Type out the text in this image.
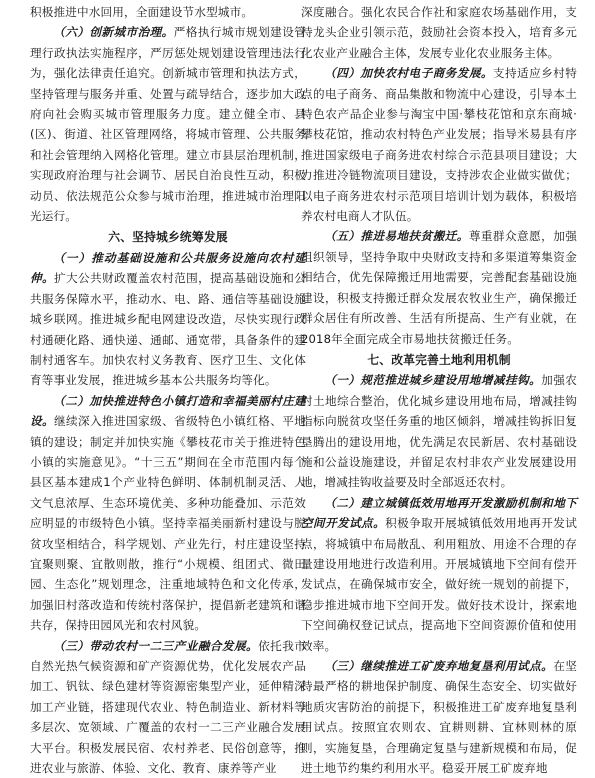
积极推进中水回用，全面建设节水型城市。

（六）创新城市治理。严格执行城市规划建设管理行政执法实施程序，严厉惩处规划建设管理违法行为，强化法律责任追究。创新城市管理和执法方式，坚持管理与服务并重、处置与疏导结合，逐步加大政府向社会购买城市管理服务力度。建立健全市、县(区)、街道、社区管理网络，将城市管理、公共服务和社会管理纳入网格化管理。建立市县层治理机制，实现政府治理与社会调节、居民自治良性互动，积极动员、依法规范公众参与城市治理，推进城市治理阳光运行。

六、坚持城乡统筹发展

（一）推动基础设施和公共服务设施向农村延伸。扩大公共财政覆盖农村范围，提高基础设施和公共服务保障水平，推动水、电、路、通信等基础设施城乡联网。推进城乡配电网建设改造，尽快实现行政村通硬化路、通快递、通邮、通宽带，具备条件的建制村通客车。加快农村义务教育、医疗卫生、文化体育等事业发展，推进城乡基本公共服务均等化。

（二）加快推进特色小镇打造和幸福美丽村庄建设。继续深入推进国家级、省级特色小镇红格、平地镇的建设；制定并加快实施《攀枝花市关于推进特色小镇的实施意见》。“十三五”期间在全市范围内每个县区基本建成1个产业特色鲜明、体制机制灵活、人文气息浓厚、生态环境优美、多种功能叠加、示范效应明显的市级特色小镇。坚持幸福美丽新村建设与脱贫攻坚相结合，科学规划、产业先行，村庄建设坚持宜聚则聚、宜散则散，推行“小规模、组团式、微田园、生态化”规划理念，注重地域特色和文化传承，加强旧村落改造和传统村落保护，提倡新老建筑和谐共存，保持田园风光和农村风貌。

（三）带动农村一二三产业融合发展。依托我市自然光热气候资源和矿产资源优势，优化发展农产品加工、钒钛、绿色建材等资源密集型产业，延伸精深加工产业链，搭建现代农业、特色制造业、新材料等多层次、宽领域、广覆盖的农村一二三产业融合发展大平台。积极发展民宿、农村养老、民俗创意等，推进农业与旅游、体验、文化、教育、康养等产业

深度融合。强化农民合作社和家庭农场基础作用，支持龙头企业引领示范，鼓励社会资本投入，培育多元化农业产业融合主体，发展专业化农业服务主体。

（四）加快农村电子商务发展。支持适应乡村特点的电子商务、商品集散和物流中心建设，引导本土特色农产品企业参与淘宝中国·攀枝花馆和京东商城·攀枝花馆，推动农村特色产业发展；指导米易县有序推进国家级电子商务进农村综合示范县项目建设；大力推进冷链物流项目建设，支持涉农企业做实做优；以电子商务进农村示范项目培训计划为载体，积极培养农村电商人才队伍。

（五）推进易地扶贫搬迁。尊重群众意愿，加强组织领导，坚持争取中央财政支持和多渠道筹集资金相结合，优先保障搬迁用地需要，完善配套基础设施建设，积极支持搬迁群众发展农牧业生产，确保搬迁群众居住有所改善、生活有所提高、生产有业就，在2018年全面完成全市易地扶贫搬迁任务。

七、改革完善土地利用机制

（一）规范推进城乡建设用地增减挂钩。加强农村土地综合整治，优化城乡建设用地布局，增减挂钩指标向脱贫攻坚任务重的地区倾斜，增减挂钩拆旧复垦腾出的建设用地，优先满足农民新居、农村基础设施和公益设施建设，并留足农村非农产业发展建设用地，增减挂钩收益要及时全部返还农村。

（二）建立城镇低效用地再开发激励机制和地下空间开发试点。积极争取开展城镇低效用地再开发试点，将城镇中布局散乱、利用粗放、用途不合理的存量建设用地进行改造利用。开展城镇地下空间有偿开发试点，在确保城市安全，做好统一规划的前提下，稳步推进城市地下空间开发。做好技术设计，探索地下空间确权登记试点，提高地下空间资源价值和使用效率。

（三）继续推进工矿废弃地复垦利用试点。在坚持最严格的耕地保护制度、确保生态安全、切实做好地质灾害防治的前提下，积极推进工矿废弃地复垦利用试点。按照宜农则农、宜耕则耕、宜林则林的原则，实施复垦，合理确定复垦与建新规模和布局，促进土地节约集约利用水平。稳妥开展工矿废弃地
